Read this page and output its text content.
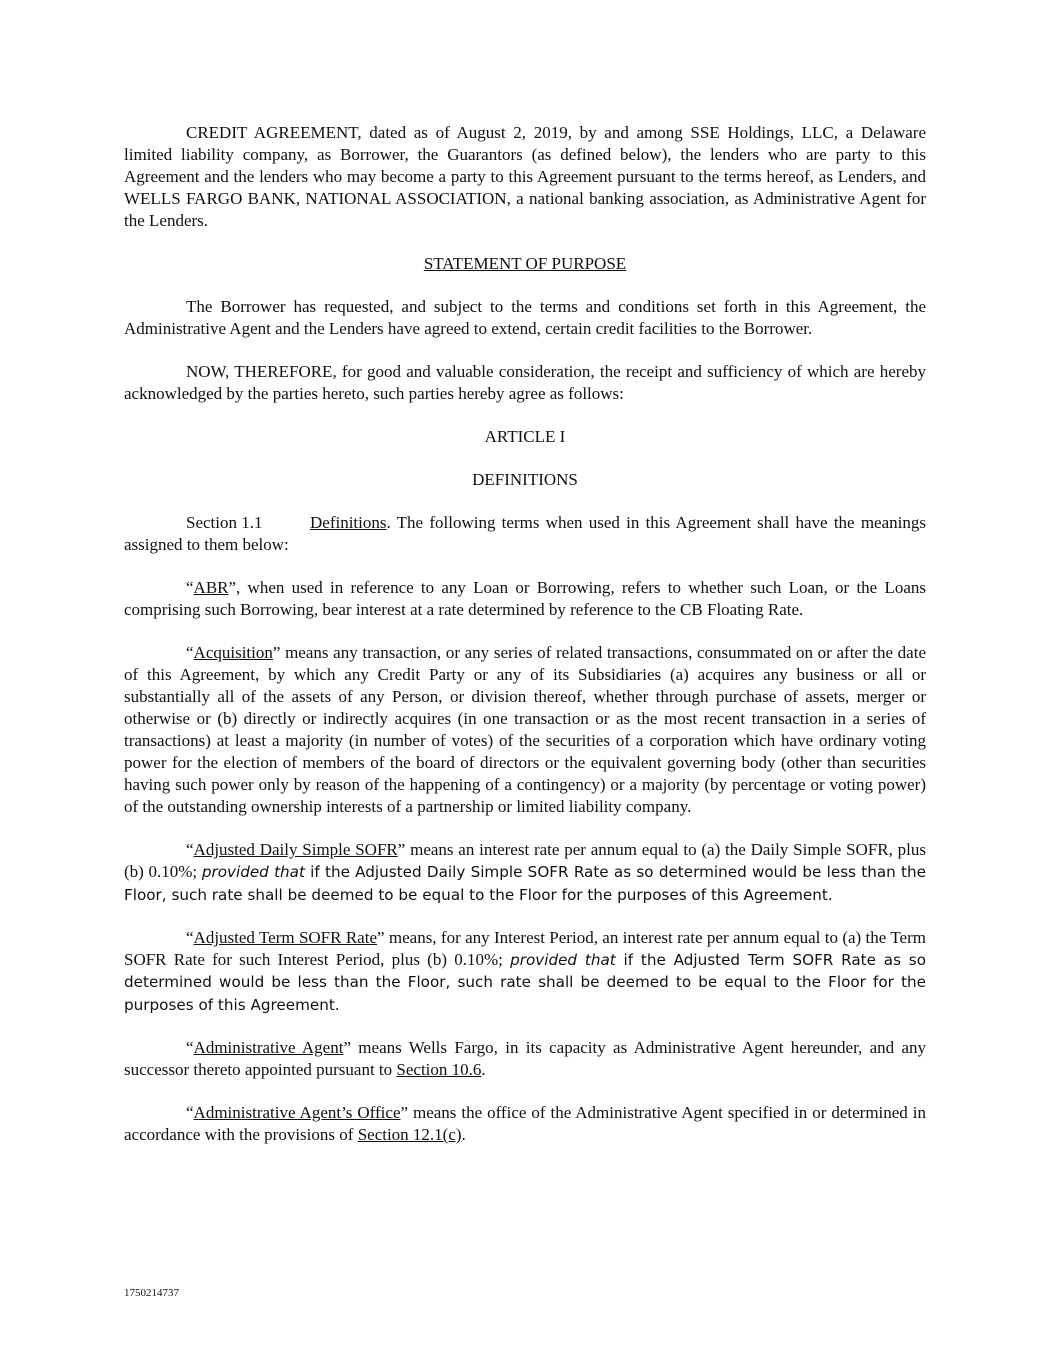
CREDIT AGREEMENT, dated as of August 2, 2019, by and among SSE Holdings, LLC, a Delaware limited liability company, as Borrower, the Guarantors (as defined below), the lenders who are party to this Agreement and the lenders who may become a party to this Agreement pursuant to the terms hereof, as Lenders, and WELLS FARGO BANK, NATIONAL ASSOCIATION, a national banking association, as Administrative Agent for the Lenders.

STATEMENT OF PURPOSE

The Borrower has requested, and subject to the terms and conditions set forth in this Agreement, the Administrative Agent and the Lenders have agreed to extend, certain credit facilities to the Borrower.

NOW, THEREFORE, for good and valuable consideration, the receipt and sufficiency of which are hereby acknowledged by the parties hereto, such parties hereby agree as follows:

ARTICLE I

DEFINITIONS

Section 1.1	Definitions. The following terms when used in this Agreement shall have the meanings assigned to them below:

“ABR”, when used in reference to any Loan or Borrowing, refers to whether such Loan, or the Loans comprising such Borrowing, bear interest at a rate determined by reference to the CB Floating Rate.

“Acquisition” means any transaction, or any series of related transactions, consummated on or after the date of this Agreement, by which any Credit Party or any of its Subsidiaries (a) acquires any business or all or substantially all of the assets of any Person, or division thereof, whether through purchase of assets, merger or otherwise or (b) directly or indirectly acquires (in one transaction or as the most recent transaction in a series of transactions) at least a majority (in number of votes) of the securities of a corporation which have ordinary voting power for the election of members of the board of directors or the equivalent governing body (other than securities having such power only by reason of the happening of a contingency) or a majority (by percentage or voting power) of the outstanding ownership interests of a partnership or limited liability company.

“Adjusted Daily Simple SOFR” means an interest rate per annum equal to (a) the Daily Simple SOFR, plus (b) 0.10%; provided that if the Adjusted Daily Simple SOFR Rate as so determined would be less than the Floor, such rate shall be deemed to be equal to the Floor for the purposes of this Agreement.

“Adjusted Term SOFR Rate” means, for any Interest Period, an interest rate per annum equal to (a) the Term SOFR Rate for such Interest Period, plus (b) 0.10%; provided that if the Adjusted Term SOFR Rate as so determined would be less than the Floor, such rate shall be deemed to be equal to the Floor for the purposes of this Agreement.

“Administrative Agent” means Wells Fargo, in its capacity as Administrative Agent hereunder, and any successor thereto appointed pursuant to Section 10.6.

“Administrative Agent’s Office” means the office of the Administrative Agent specified in or determined in accordance with the provisions of Section 12.1(c).

1750214737
